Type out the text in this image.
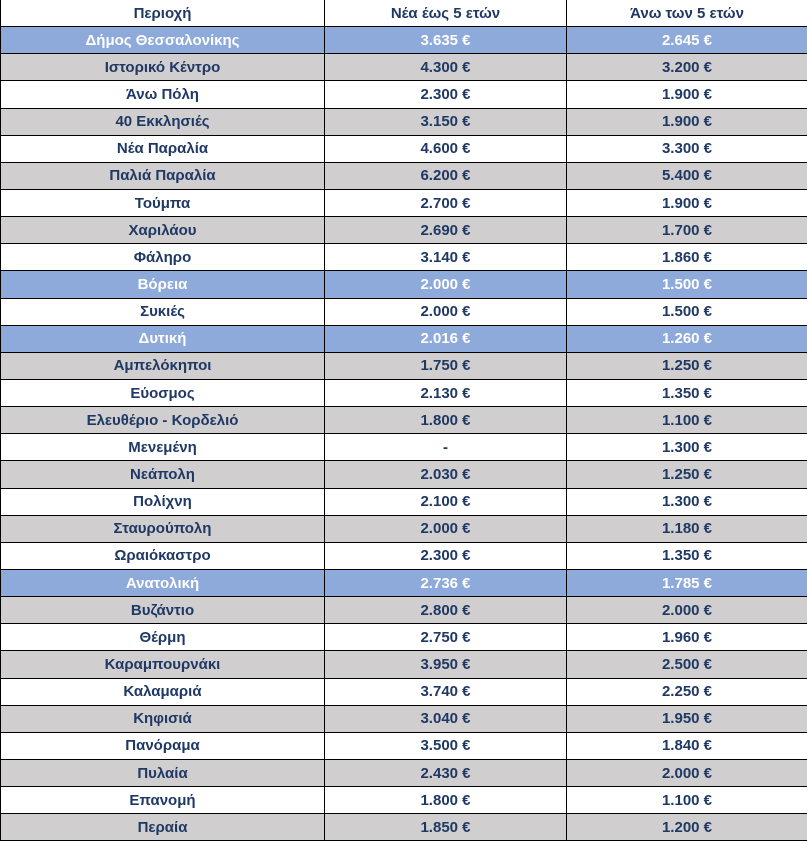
Περιοχή	Νέα έως 5 ετών	Άνω των 5 ετών
Δήμος Θεσσαλονίκης	3.635 €	2.645 €
Ιστορικό Κέντρο	4.300 €	3.200 €
Άνω Πόλη	2.300 €	1.900 €
40 Εκκλησιές	3.150 €	1.900 €
Νέα Παραλία	4.600 €	3.300 €
Παλιά Παραλία	6.200 €	5.400 €
Τούμπα	2.700 €	1.900 €
Χαριλάου	2.690 €	1.700 €
Φάληρο	3.140 €	1.860 €
Βόρεια	2.000 €	1.500 €
Συκιές	2.000 €	1.500 €
Δυτική	2.016 €	1.260 €
Αμπελόκηποι	1.750 €	1.250 €
Εύοσμος	2.130 €	1.350 €
Ελευθέριο - Κορδελιό	1.800 €	1.100 €
Μενεμένη	-	1.300 €
Νεάπολη	2.030 €	1.250 €
Πολίχνη	2.100 €	1.300 €
Σταυρούπολη	2.000 €	1.180 €
Ωραιόκαστρο	2.300 €	1.350 €
Ανατολική	2.736 €	1.785 €
Βυζάντιο	2.800 €	2.000 €
Θέρμη	2.750 €	1.960 €
Καραμπουρνάκι	3.950 €	2.500 €
Καλαμαριά	3.740 €	2.250 €
Κηφισιά	3.040 €	1.950 €
Πανόραμα	3.500 €	1.840 €
Πυλαία	2.430 €	2.000 €
Επανομή	1.800 €	1.100 €
Περαία	1.850 €	1.200 €
